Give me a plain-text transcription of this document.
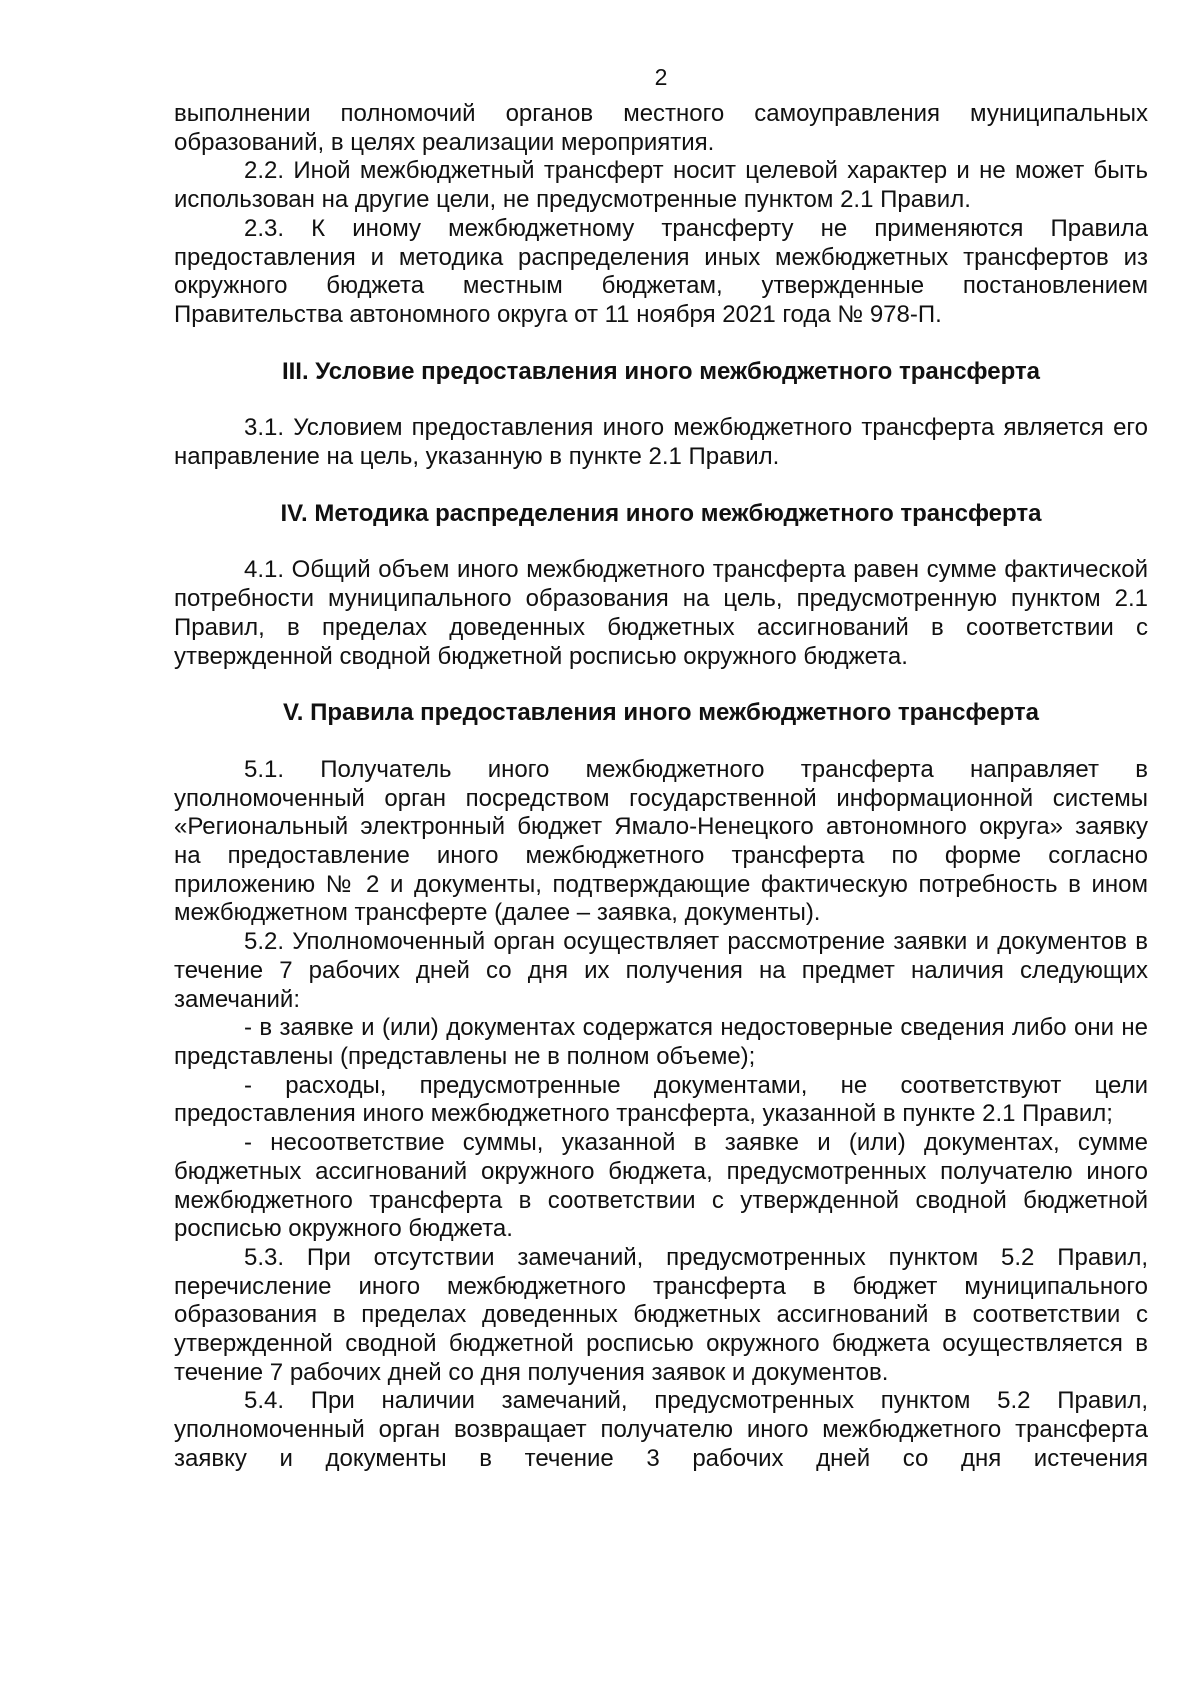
2

выполнении полномочий органов местного самоуправления муниципальных образований, в целях реализации мероприятия.

2.2. Иной межбюджетный трансферт носит целевой характер и не может быть использован на другие цели, не предусмотренные пунктом 2.1 Правил.

2.3. К иному межбюджетному трансферту не применяются Правила предоставления и методика распределения иных межбюджетных трансфертов из окружного бюджета местным бюджетам, утвержденные постановлением Правительства автономного округа от 11 ноября 2021 года № 978-П.

III. Условие предоставления иного межбюджетного трансферта

3.1. Условием предоставления иного межбюджетного трансферта является его направление на цель, указанную в пункте 2.1 Правил.

IV. Методика распределения иного межбюджетного трансферта

4.1. Общий объем иного межбюджетного трансферта равен сумме фактической потребности муниципального образования на цель, предусмотренную пунктом 2.1 Правил, в пределах доведенных бюджетных ассигнований в соответствии с утвержденной сводной бюджетной росписью окружного бюджета.

V. Правила предоставления иного межбюджетного трансферта

5.1. Получатель иного межбюджетного трансферта направляет в уполномоченный орган посредством государственной информационной системы «Региональный электронный бюджет Ямало-Ненецкого автономного округа» заявку на предоставление иного межбюджетного трансферта по форме согласно приложению № 2 и документы, подтверждающие фактическую потребность в ином межбюджетном трансферте (далее – заявка, документы).

5.2. Уполномоченный орган осуществляет рассмотрение заявки и документов в течение 7 рабочих дней со дня их получения на предмет наличия следующих замечаний:

- в заявке и (или) документах содержатся недостоверные сведения либо они не представлены (представлены не в полном объеме);

- расходы, предусмотренные документами, не соответствуют цели предоставления иного межбюджетного трансферта, указанной в пункте 2.1 Правил;

- несоответствие суммы, указанной в заявке и (или) документах, сумме бюджетных ассигнований окружного бюджета, предусмотренных получателю иного межбюджетного трансферта в соответствии с утвержденной сводной бюджетной росписью окружного бюджета.

5.3. При отсутствии замечаний, предусмотренных пунктом 5.2 Правил, перечисление иного межбюджетного трансферта в бюджет муниципального образования в пределах доведенных бюджетных ассигнований в соответствии с утвержденной сводной бюджетной росписью окружного бюджета осуществляется в течение 7 рабочих дней со дня получения заявок и документов.

5.4. При наличии замечаний, предусмотренных пунктом 5.2 Правил, уполномоченный орган возвращает получателю иного межбюджетного трансферта заявку и документы в течение 3 рабочих дней со дня истечения
